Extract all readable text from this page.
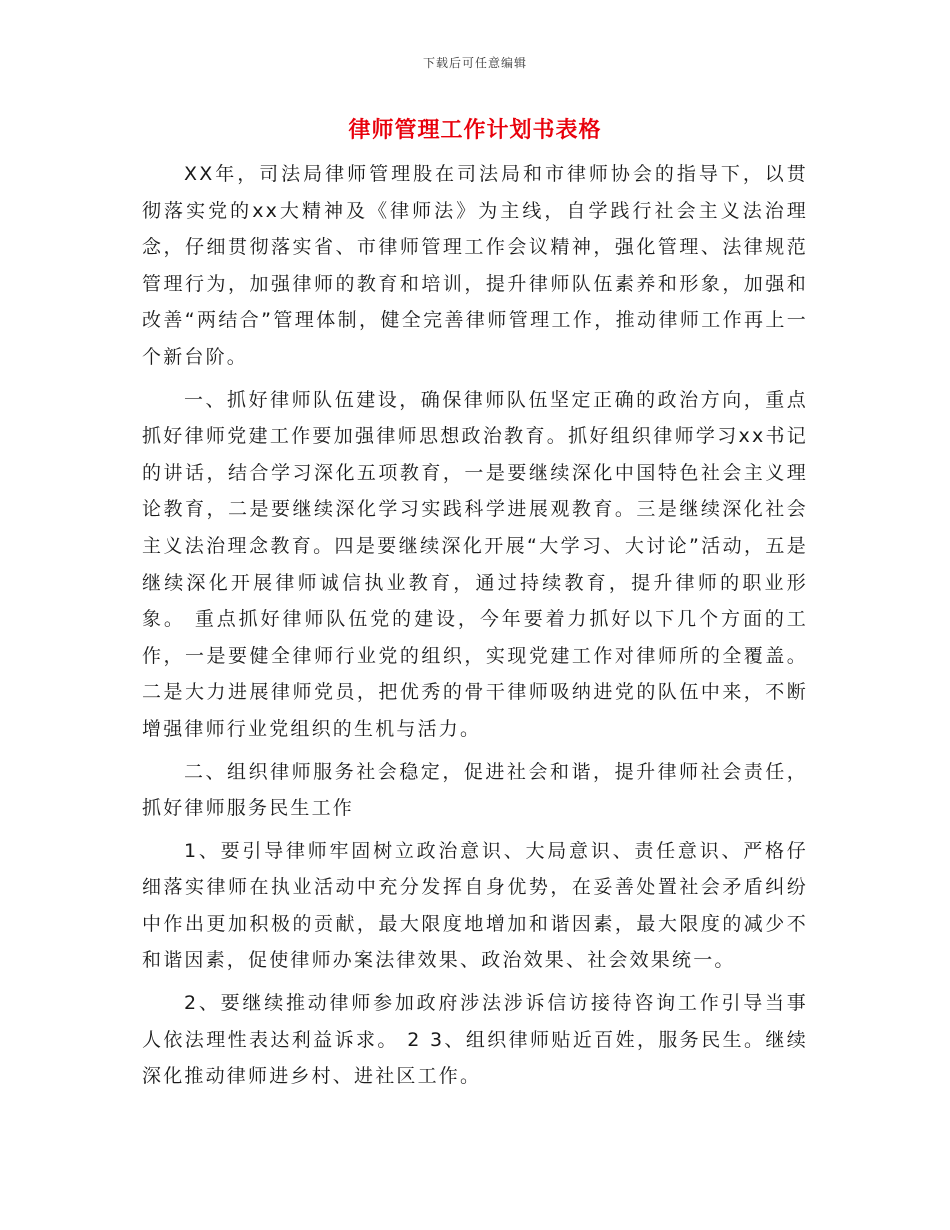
下载后可任意编辑
律师管理工作计划书表格

XX年，司法局律师管理股在司法局和市律师协会的指导下，以贯彻落实党的xx大精神及《律师法》为主线，自学践行社会主义法治理念，仔细贯彻落实省、市律师管理工作会议精神，强化管理、法律规范管理行为，加强律师的教育和培训，提升律师队伍素养和形象，加强和改善“两结合”管理体制，健全完善律师管理工作，推动律师工作再上一个新台阶。

一、抓好律师队伍建设，确保律师队伍坚定正确的政治方向，重点抓好律师党建工作要加强律师思想政治教育。抓好组织律师学习xx书记的讲话，结合学习深化五项教育，一是要继续深化中国特色社会主义理论教育，二是要继续深化学习实践科学进展观教育。三是继续深化社会主义法治理念教育。四是要继续深化开展“大学习、大讨论”活动，五是继续深化开展律师诚信执业教育，通过持续教育，提升律师的职业形象。 重点抓好律师队伍党的建设，今年要着力抓好以下几个方面的工作，一是要健全律师行业党的组织，实现党建工作对律师所的全覆盖。二是大力进展律师党员，把优秀的骨干律师吸纳进党的队伍中来，不断增强律师行业党组织的生机与活力。

二、组织律师服务社会稳定，促进社会和谐，提升律师社会责任，抓好律师服务民生工作

1、要引导律师牢固树立政治意识、大局意识、责任意识、严格仔细落实律师在执业活动中充分发挥自身优势，在妥善处置社会矛盾纠纷中作出更加积极的贡献，最大限度地增加和谐因素，最大限度的减少不和谐因素，促使律师办案法律效果、政治效果、社会效果统一。

2、要继续推动律师参加政府涉法涉诉信访接待咨询工作引导当事人依法理性表达利益诉求。 2 3、组织律师贴近百姓，服务民生。继续深化推动律师进乡村、进社区工作。
